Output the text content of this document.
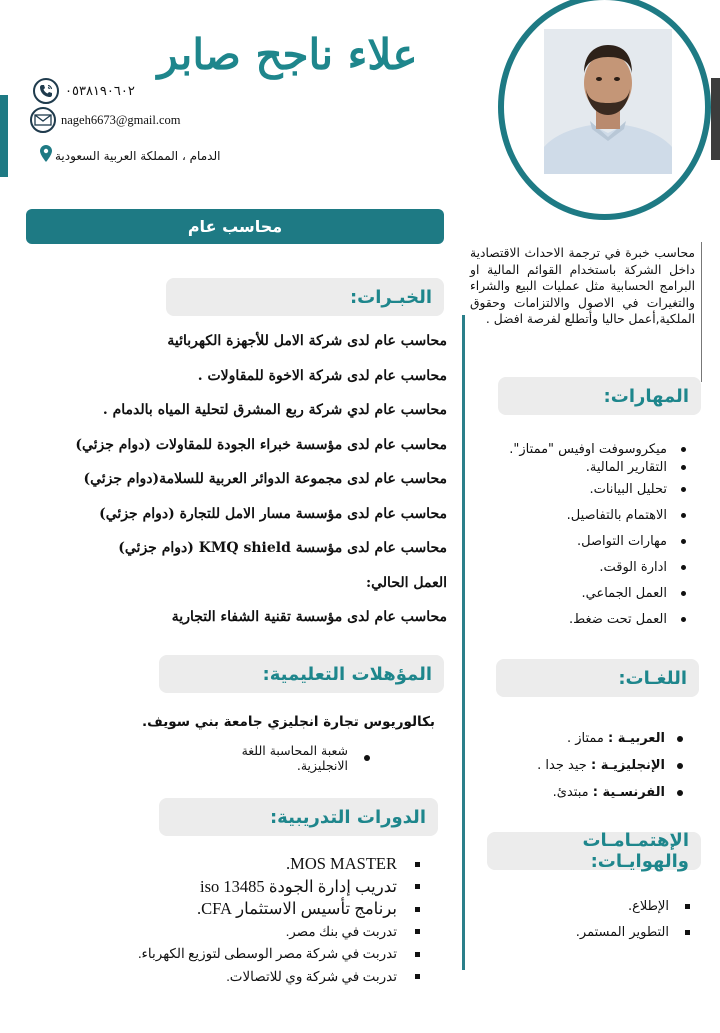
علاء ناجح صابر
٠٥٣٨١٩٠٦٠٢
nageh6673@gmail.com
الدمام ، المملكة العربية السعودية
محاسب عام
محاسب خبرة في ترجمة الاحداث الاقتصادية داخل الشركة باستخدام القوائم المالية او البرامج الحسابية مثل عمليات البيع والشراء والتغيرات في الاصول والالتزامات وحقوق الملكية,أعمل حاليا وأتطلع لفرصة افضل .
الخبـرات:
محاسب عام لدى شركة الامل للأجهزة الكهربائية
محاسب عام لدى شركة الاخوة للمقاولات .
محاسب عام لدي شركة ربع المشرق لتحلية المياه بالدمام .
محاسب عام لدى مؤسسة خبراء الجودة للمقاولات (دوام جزئي)
محاسب عام لدى مجموعة الدوائر العربية للسلامة(دوام جزئي)
محاسب عام لدى مؤسسة مسار الامل للتجارة (دوام جزئي)
محاسب عام لدى مؤسسة KMQ shield (دوام جزئي)
العمل الحالي:
محاسب عام لدى مؤسسة تقنية الشفاء التجارية
المؤهلات التعليمية:
بكالوريوس تجارة انجليزي جامعة بني سويف.
شعبة المحاسبة اللغة الانجليزية.
الدورات التدريبية:
MOS MASTER.
تدريب إدارة الجودة iso 13485
برنامج تأسيس الاستثمار CFA.
تدربت في بنك مصر.
تدربت في شركة مصر الوسطى لتوزيع الكهرباء.
تدربت في شركة وي للاتصالات.
المهارات:
ميكروسوفت اوفيس "ممتاز".
التقارير المالية.
تحليل البيانات.
الاهتمام بالتفاصيل.
مهارات التواصل.
ادارة الوقت.
العمل الجماعي.
العمل تحت ضغط.
اللغـات:
العربيـة :

ممتاز .
الإنجليزيـة :

جيد جدا .
الفرنسـية :

مبتدئ.
الإهتمـامـات والهوايـات:
الإطلاع.
التطوير المستمر.
